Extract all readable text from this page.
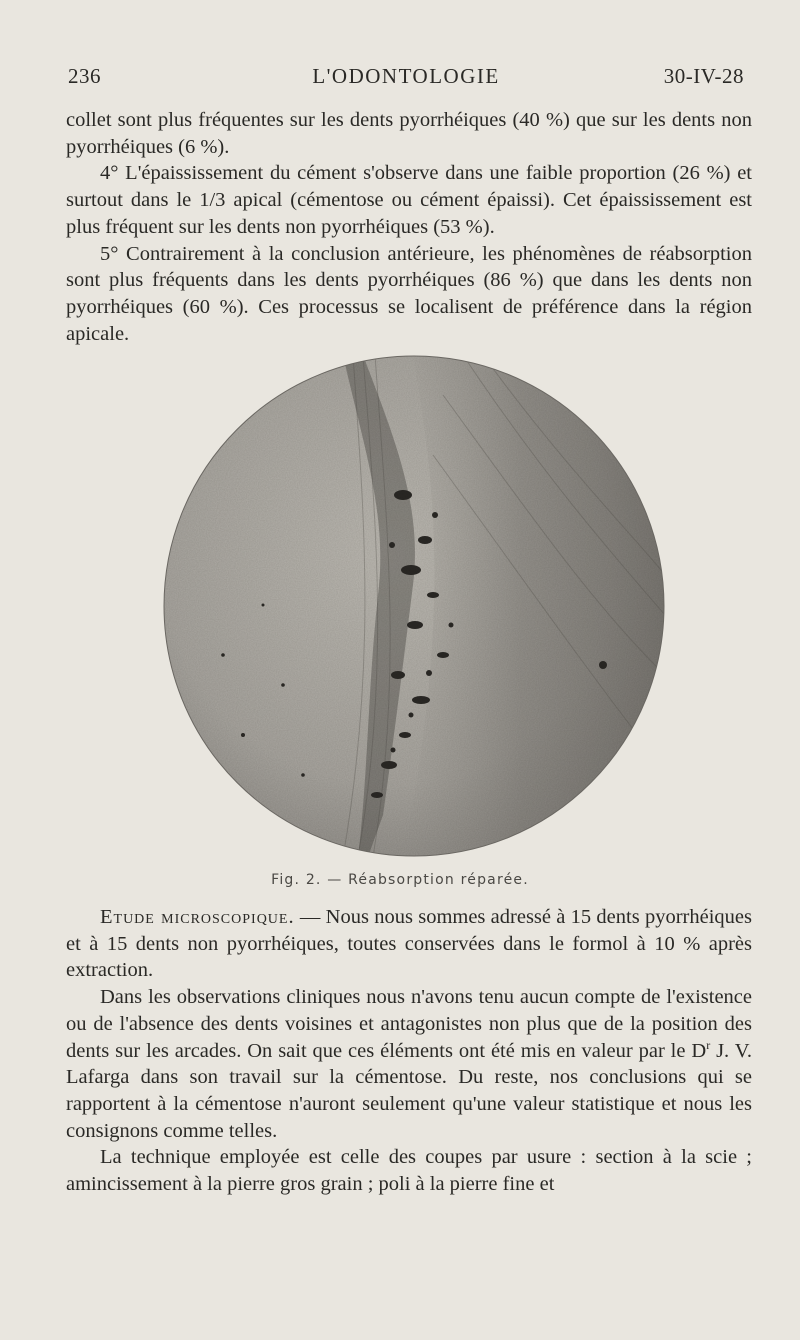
236	L'ODONTOLOGIE	30-IV-28

collet sont plus fréquentes sur les dents pyorrhéiques (40 %) que sur les dents non pyorrhéiques (6 %).

4° L'épaississement du cément s'observe dans une faible proportion (26 %) et surtout dans le 1/3 apical (cémentose ou cément épaissi). Cet épaississement est plus fréquent sur les dents non pyorrhéiques (53 %).

5° Contrairement à la conclusion antérieure, les phénomènes de réabsorption sont plus fréquents dans les dents pyorrhéiques (86 %) que dans les dents non pyorrhéiques (60 %). Ces processus se localisent de préférence dans la région apicale.

Fig. 2. — Réabsorption réparée.

Etude microscopique. — Nous nous sommes adressé à 15 dents pyorrhéiques et à 15 dents non pyorrhéiques, toutes conservées dans le formol à 10 % après extraction.

Dans les observations cliniques nous n'avons tenu aucun compte de l'existence ou de l'absence des dents voisines et antagonistes non plus que de la position des dents sur les arcades. On sait que ces éléments ont été mis en valeur par le $D^r$ J. V. Lafarga dans son travail sur la cémentose. Du reste, nos conclusions qui se rapportent à la cémentose n'auront seulement qu'une valeur statistique et nous les consignons comme telles.

La technique employée est celle des coupes par usure : section à la scie ; amincissement à la pierre gros grain ; poli à la pierre fine et
